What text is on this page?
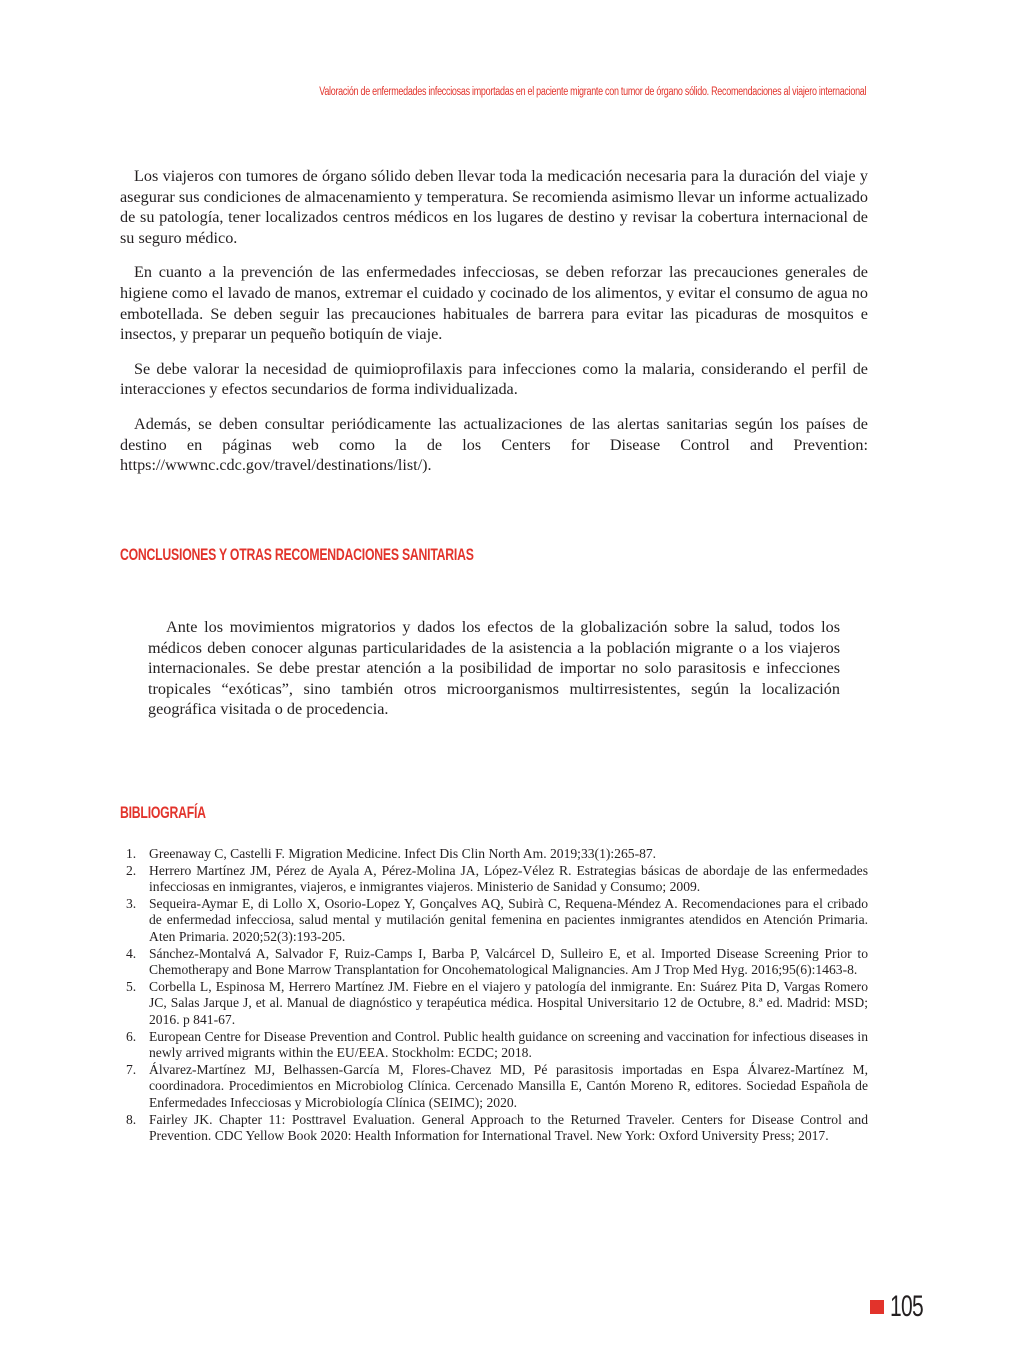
Valoración de enfermedades infecciosas importadas en el paciente migrante con tumor de órgano sólido. Recomendaciones al viajero internacional

Los viajeros con tumores de órgano sólido deben llevar toda la medicación necesaria para la duración del viaje y asegurar sus condiciones de almacenamiento y temperatura. Se recomienda asimismo llevar un informe actualizado de su patología, tener localizados centros médicos en los lugares de destino y revisar la cobertura internacional de su seguro médico.

En cuanto a la prevención de las enfermedades infecciosas, se deben reforzar las precauciones generales de higiene como el lavado de manos, extremar el cuidado y cocinado de los alimentos, y evitar el consumo de agua no embotellada. Se deben seguir las precauciones habituales de barrera para evitar las picaduras de mosquitos e insectos, y preparar un pequeño botiquín de viaje.

Se debe valorar la necesidad de quimioprofilaxis para infecciones como la malaria, considerando el perfil de interacciones y efectos secundarios de forma individualizada.

Además, se deben consultar periódicamente las actualizaciones de las alertas sanitarias según los países de destino en páginas web como la de los Centers for Disease Control and Prevention: https://wwwnc.cdc.gov/travel/destinations/list/).

CONCLUSIONES Y OTRAS RECOMENDACIONES SANITARIAS

Ante los movimientos migratorios y dados los efectos de la globalización sobre la salud, todos los médicos deben conocer algunas particularidades de la asistencia a la población migrante o a los viajeros internacionales. Se debe prestar atención a la posibilidad de importar no solo parasitosis e infecciones tropicales “exóticas”, sino también otros microorganismos multirresistentes, según la localización geográfica visitada o de procedencia.

BIBLIOGRAFÍA
1. Greenaway C, Castelli F. Migration Medicine. Infect Dis Clin North Am. 2019;33(1):265-87.
2. Herrero Martínez JM, Pérez de Ayala A, Pérez-Molina JA, López-Vélez R. Estrategias básicas de abordaje de las enfermedades infecciosas en inmigrantes, viajeros, e inmigrantes viajeros. Ministerio de Sanidad y Consumo; 2009.
3. Sequeira-Aymar E, di Lollo X, Osorio-Lopez Y, Gonçalves AQ, Subirà C, Requena-Méndez A. Recomendaciones para el cribado de enfermedad infecciosa, salud mental y mutilación genital femenina en pacientes inmigrantes atendidos en Atención Primaria. Aten Primaria. 2020;52(3):193-205.
4. Sánchez-Montalvá A, Salvador F, Ruiz-Camps I, Barba P, Valcárcel D, Sulleiro E, et al. Imported Disease Screening Prior to Chemotherapy and Bone Marrow Transplantation for Oncohematological Malignancies. Am J Trop Med Hyg. 2016;95(6):1463-8.
5. Corbella L, Espinosa M, Herrero Martínez JM. Fiebre en el viajero y patología del inmigrante. En: Suárez Pita D, Vargas Romero JC, Salas Jarque J, et al. Manual de diagnóstico y terapéutica médica. Hospital Universitario 12 de Octubre, 8.ª ed. Madrid: MSD; 2016. p 841-67.
6. European Centre for Disease Prevention and Control. Public health guidance on screening and vaccination for infectious diseases in newly arrived migrants within the EU/EEA. Stockholm: ECDC; 2018.
7. Álvarez-Martínez MJ, Belhassen-García M, Flores-Chavez MD, Pé parasitosis importadas en Espa Álvarez-Martínez M, coordinadora. Procedimientos en Microbiolog Clínica. Cercenado Mansilla E, Cantón Moreno R, editores. Sociedad Española de Enfermedades Infecciosas y Microbiología Clínica (SEIMC); 2020.
8. Fairley JK. Chapter 11: Posttravel Evaluation. General Approach to the Returned Traveler. Centers for Disease Control and Prevention. CDC Yellow Book 2020: Health Information for International Travel. New York: Oxford University Press; 2017.
105
